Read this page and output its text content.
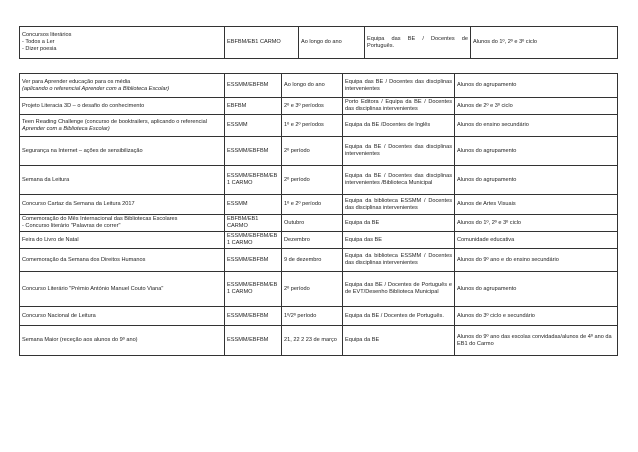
Concursos literários
- Todos a Ler
- Dizer poesia
	EBFBM/EB1 CARMO	Ao longo do ano	Equipa das BE / Docentes de Português.	Alunos do 1º, 2º e 3º ciclo
Ver para Aprender educação para os média
(aplicando o referencial Aprender com a Biblioteca Escolar)	ESSMM/EBFBM	Ao longo do ano	Equipa das BE / Docentes das disciplinas intervenientes	Alunos do agrupamento

Projeto Literacia 3D – o desafio do conhecimento	EBFBM	2º e 3º períodos	Porto Editora / Equipa da BE / Docentes das disciplinas intervenientes	Alunos de 2º e 3º ciclo

Teen Reading Challenge (concurso de booktrailers, aplicando o referencial
Aprender com a Biblioteca Escolar)	ESSMM	1º e 2º períodos	Equipa da BE /Docentes de Inglês	Alunos do ensino secundário

Segurança na Internet – ações de sensibilização	ESSMM/EBFBM	2º período	Equipa da BE / Docentes das disciplinas intervenientes	Alunos do agrupamento

Semana da Leitura	ESSMM/EBFBM/EB1 CARMO	2º período	Equipa da BE / Docentes das disciplinas intervenientes /Biblioteca Municipal	Alunos do agrupamento

Concurso Cartaz da Semana da Leitura 2017	ESSMM	1º e 2º período	Equipa da biblioteca ESSMM / Docentes das disciplinas intervenientes	Alunos de Artes Visuais

Comemoração do Mês Internacional das Bibliotecas Escolares
- Concurso literário "Palavras de correr"	EBFBM/EB1 CARMO	Outubro	Equipa da BE	Alunos do 1º, 2º e 3º ciclo

Feira do Livro de Natal	ESSMM/EBFBM/EB1 CARMO	Dezembro	Equipa das BE	Comunidade educativa

Comemoração da Semana dos Direitos Humanos	ESSMM/EBFBM	9 de dezembro	Equipa da biblioteca ESSMM / Docentes das disciplinas intervenientes	Alunos do 9º ano e do ensino secundário

Concurso Literário "Prémio António Manuel Couto Viana"	ESSMM/EBFBM/EB1 CARMO	2º período	Equipa das BE / Docentes de Português e de EVT/Desenho Biblioteca Municipal	Alunos do agrupamento

Concurso Nacional de Leitura	ESSMM/EBFBM	1º/2º período	Equipa da BE / Docentes de Português.	Alunos do 3º ciclo e secundário

Semana Maior (receção aos alunos do 9º ano)	ESSMM/EBFBM	21, 22 2 23 de março	Equipa da BE	Alunos do 9º ano das escolas convidadas/alunos de 4º ano da EB1 do Carmo
